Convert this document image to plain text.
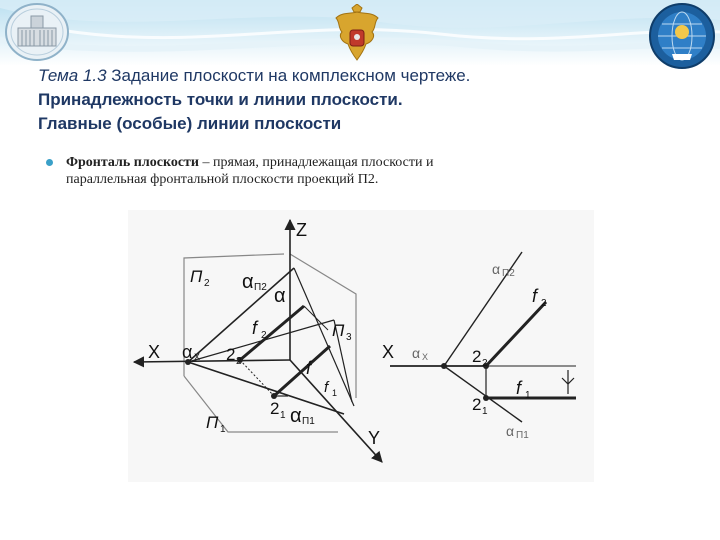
Тема 1.3 Задание плоскости на комплексном чертеже.
Принадлежность точки и линии плоскости.
Главные (особые) линии плоскости
Фронталь плоскости – прямая, принадлежащая плоскости и
параллельная фронтальной плоскости проекций П2.
Z
X
Y
П 2
П 1
П 3
α П2
α X
α
f 2
2 2	f
f 1
2 1 α П1
α П2
X α X
f 2
2 2
f 1
2 1
α П1
